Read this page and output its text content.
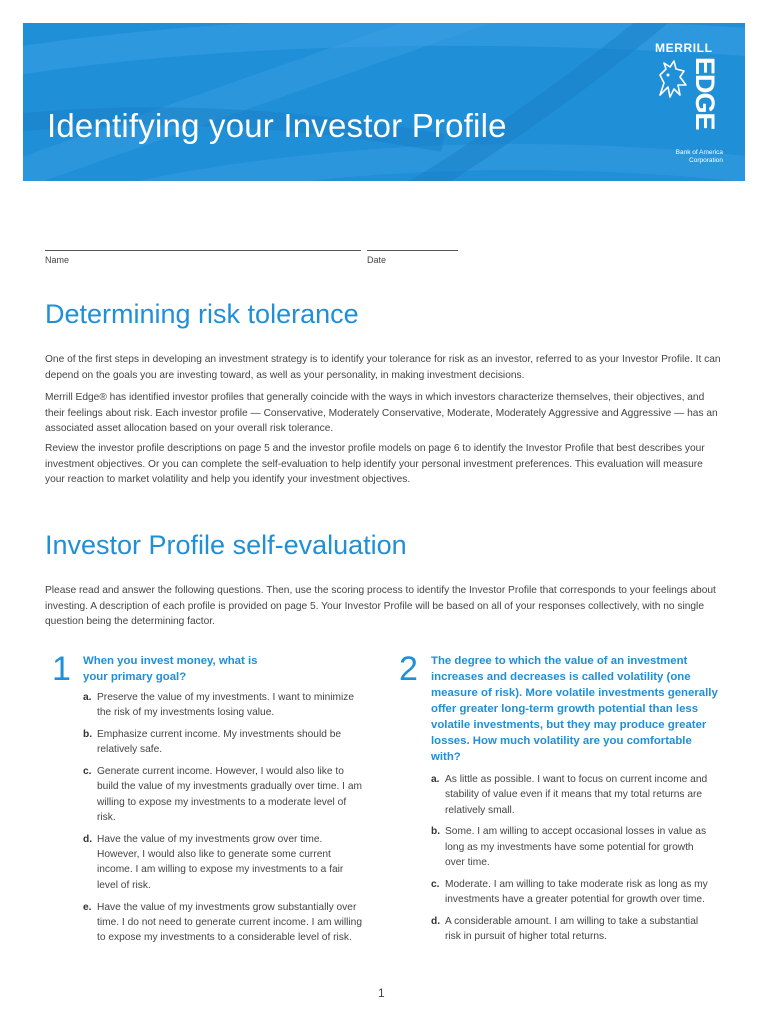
Identifying your Investor Profile
MERRILL
EDGE
Bank of America
Corporation
Name	Date
Determining risk tolerance

One of the first steps in developing an investment strategy is to identify your tolerance for risk as an investor, referred to as your Investor Profile. It can depend on the goals you are investing toward, as well as your personality, in making investment decisions.

Merrill Edge® has identified investor profiles that generally coincide with the ways in which investors characterize themselves, their objectives, and their feelings about risk. Each investor profile — Conservative, Moderately Conservative, Moderate, Moderately Aggressive and Aggressive — has an associated asset allocation based on your overall risk tolerance.

Review the investor profile descriptions on page 5 and the investor profile models on page 6 to identify the Investor Profile that best describes your investment objectives. Or you can complete the self-evaluation to help identify your personal investment preferences. This evaluation will measure your reaction to market volatility and help you identify your investment objectives.

Investor Profile self-evaluation

Please read and answer the following questions. Then, use the scoring process to identify the Investor Profile that corresponds to your feelings about investing. A description of each profile is provided on page 5. Your Investor Profile will be based on all of your responses collectively, with no single question being the determining factor.

1 When you invest money, what is your primary goal?

a. Preserve the value of my investments. I want to minimize the risk of my investments losing value.
b. Emphasize current income. My investments should be relatively safe.
c. Generate current income. However, I would also like to build the value of my investments gradually over time. I am willing to expose my investments to a moderate level of risk.
d. Have the value of my investments grow over time. However, I would also like to generate some current income. I am willing to expose my investments to a fair level of risk.
e. Have the value of my investments grow substantially over time. I do not need to generate current income. I am willing to expose my investments to a considerable level of risk.
2 The degree to which the value of an investment increases and decreases is called volatility (one measure of risk). More volatile investments generally offer greater long-term growth potential than less volatile investments, but they may produce greater losses. How much volatility are you comfortable with?

a. As little as possible. I want to focus on current income and stability of value even if it means that my total returns are relatively small.
b. Some. I am willing to accept occasional losses in value as long as my investments have some potential for growth over time.
c. Moderate. I am willing to take moderate risk as long as my investments have a greater potential for growth over time.
d. A considerable amount. I am willing to take a substantial risk in pursuit of higher total returns.
1
